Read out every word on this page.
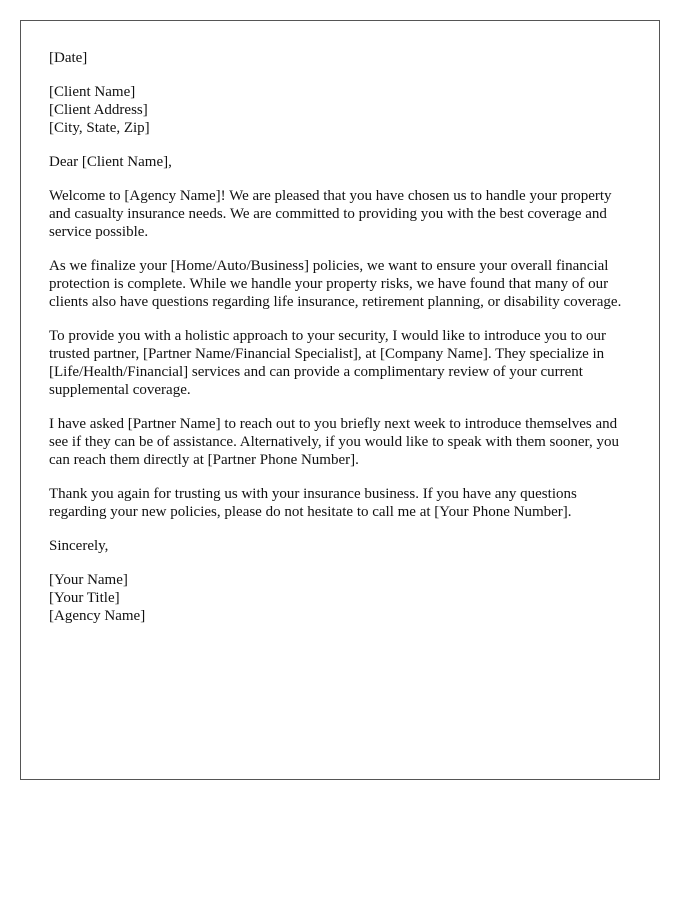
[Date]
[Client Name]
[Client Address]
[City, State, Zip]
Dear [Client Name],

Welcome to [Agency Name]! We are pleased that you have chosen us to handle your property and casualty insurance needs. We are committed to providing you with the best coverage and service possible.

As we finalize your [Home/Auto/Business] policies, we want to ensure your overall financial protection is complete. While we handle your property risks, we have found that many of our clients also have questions regarding life insurance, retirement planning, or disability coverage.

To provide you with a holistic approach to your security, I would like to introduce you to our trusted partner, [Partner Name/Financial Specialist], at [Company Name]. They specialize in [Life/Health/Financial] services and can provide a complimentary review of your current supplemental coverage.

I have asked [Partner Name] to reach out to you briefly next week to introduce themselves and see if they can be of assistance. Alternatively, if you would like to speak with them sooner, you can reach them directly at [Partner Phone Number].

Thank you again for trusting us with your insurance business. If you have any questions regarding your new policies, please do not hesitate to call me at [Your Phone Number].

Sincerely,
[Your Name]
[Your Title]
[Agency Name]
